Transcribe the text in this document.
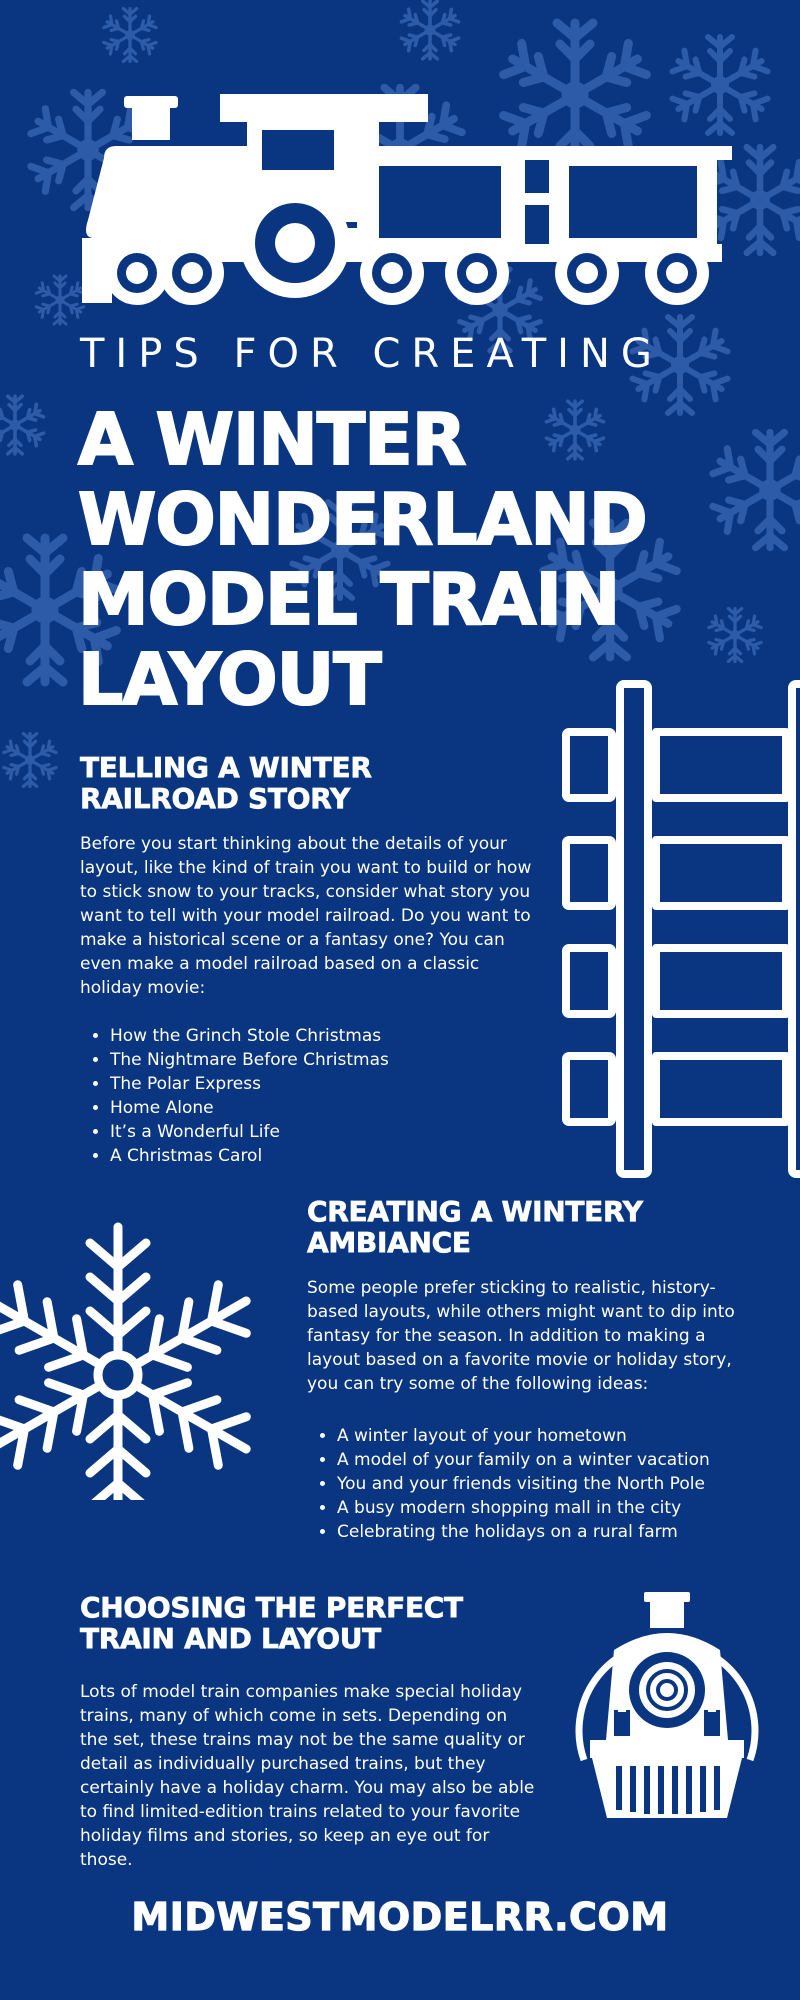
TIPS FOR CREATING
A WINTER WONDERLAND MODEL TRAIN LAYOUT
TELLING A WINTER RAILROAD STORY

Before you start thinking about the details of your layout, like the kind of train you want to build or how to stick snow to your tracks, consider what story you want to tell with your model railroad. Do you want to make a historical scene or a fantasy one? You can even make a model railroad based on a classic holiday movie:

• How the Grinch Stole Christmas
• The Nightmare Before Christmas
• The Polar Express
• Home Alone
• It’s a Wonderful Life
• A Christmas Carol
CREATING A WINTERY AMBIANCE

Some people prefer sticking to realistic, history-based layouts, while others might want to dip into fantasy for the season. In addition to making a layout based on a favorite movie or holiday story, you can try some of the following ideas:

• A winter layout of your hometown
• A model of your family on a winter vacation
• You and your friends visiting the North Pole
• A busy modern shopping mall in the city
• Celebrating the holidays on a rural farm
CHOOSING THE PERFECT TRAIN AND LAYOUT

Lots of model train companies make special holiday trains, many of which come in sets. Depending on the set, these trains may not be the same quality or detail as individually purchased trains, but they certainly have a holiday charm. You may also be able to find limited-edition trains related to your favorite holiday films and stories, so keep an eye out for those.

MIDWESTMODELRR.COM
